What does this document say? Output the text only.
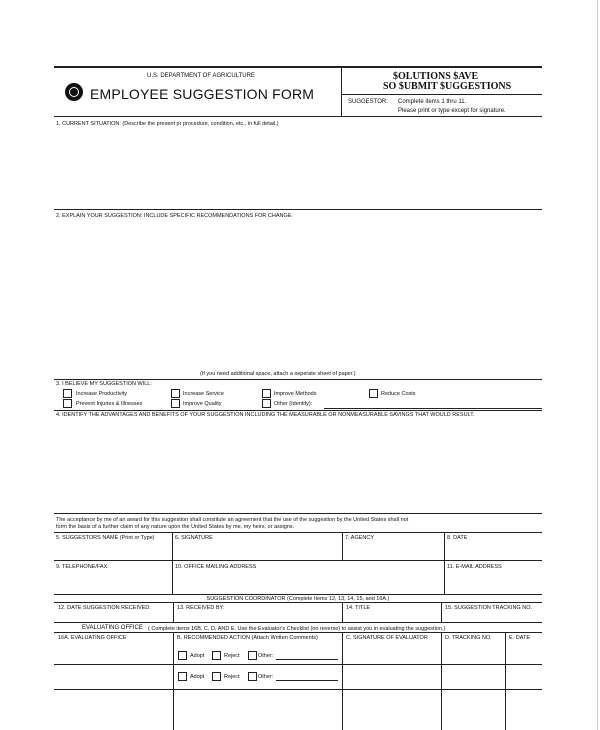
U.S. DEPARTMENT OF AGRICULTURE
EMPLOYEE SUGGESTION FORM
$OLUTIONS $AVE
SO $UBMIT $UGGESTIONS
SUGGESTOR: Complete items 1 thru 11.
Please print or type except for signature.
1. CURRENT SITUATION: (Describe the present pr procedure, condition, etc., in full detail.)
2. EXPLAIN YOUR SUGGESTION: INCLUDE SPECIFIC RECOMMENDATIONS FOR CHANGE.
(If you need additional space, attach a seperate sheet of paper.)
3. I BELIEVE MY SUGGESTION WILL:
Increase Productivity
Prevent Injuries & Illnesses
Increase Service
Improve Quality
Improve Methods
Other (Identify):
Reduce Costs
4. IDENTIFY THE ADVANTAGES AND BENEFITS OF YOUR SUGGESTION INCLUDING THE MEASURABLE OR NONMEASURABLE SAVINGS THAT WOULD RESULT.
The acceptance by me of an award for this suggestion shall constitute an agreement that the use of the suggestion by the United States shall not
form the basis of a further claim of any nature upon the United States by me, my heirs, or assigns.
5. SUGGESTORS NAME (Print or Type)	6. SIGNATURE	7. AGENCY	8. DATE
9. TELEPHONE/FAX:	10. OFFICE MAILING ADDRESS	11. E-MAIL ADDRESS
SUGGESTION COORDINATOR (Complete Items 12, 13, 14, 15, and 16A.)
12. DATE SUGGESTION RECEIVED:	13. RECEIVED BY:	14. TITLE	15. SUGGESTION TRACKING NO.
EVALUATING OFFICE ( Complete items 16B, C, D, AND E. Use the Evaluator's Checklist (on reverse) to assist you in evaluating the suggestion.)
16A. EVALUATING OFFICE	B. RECOMMENDED ACTION (Attach Written Comments)	C. SIGNATURE OF EVALUATOR	D. TRACKING NO.	E. DATE
Adopt	Reject	Other:
Adopt	Reject	Other:
